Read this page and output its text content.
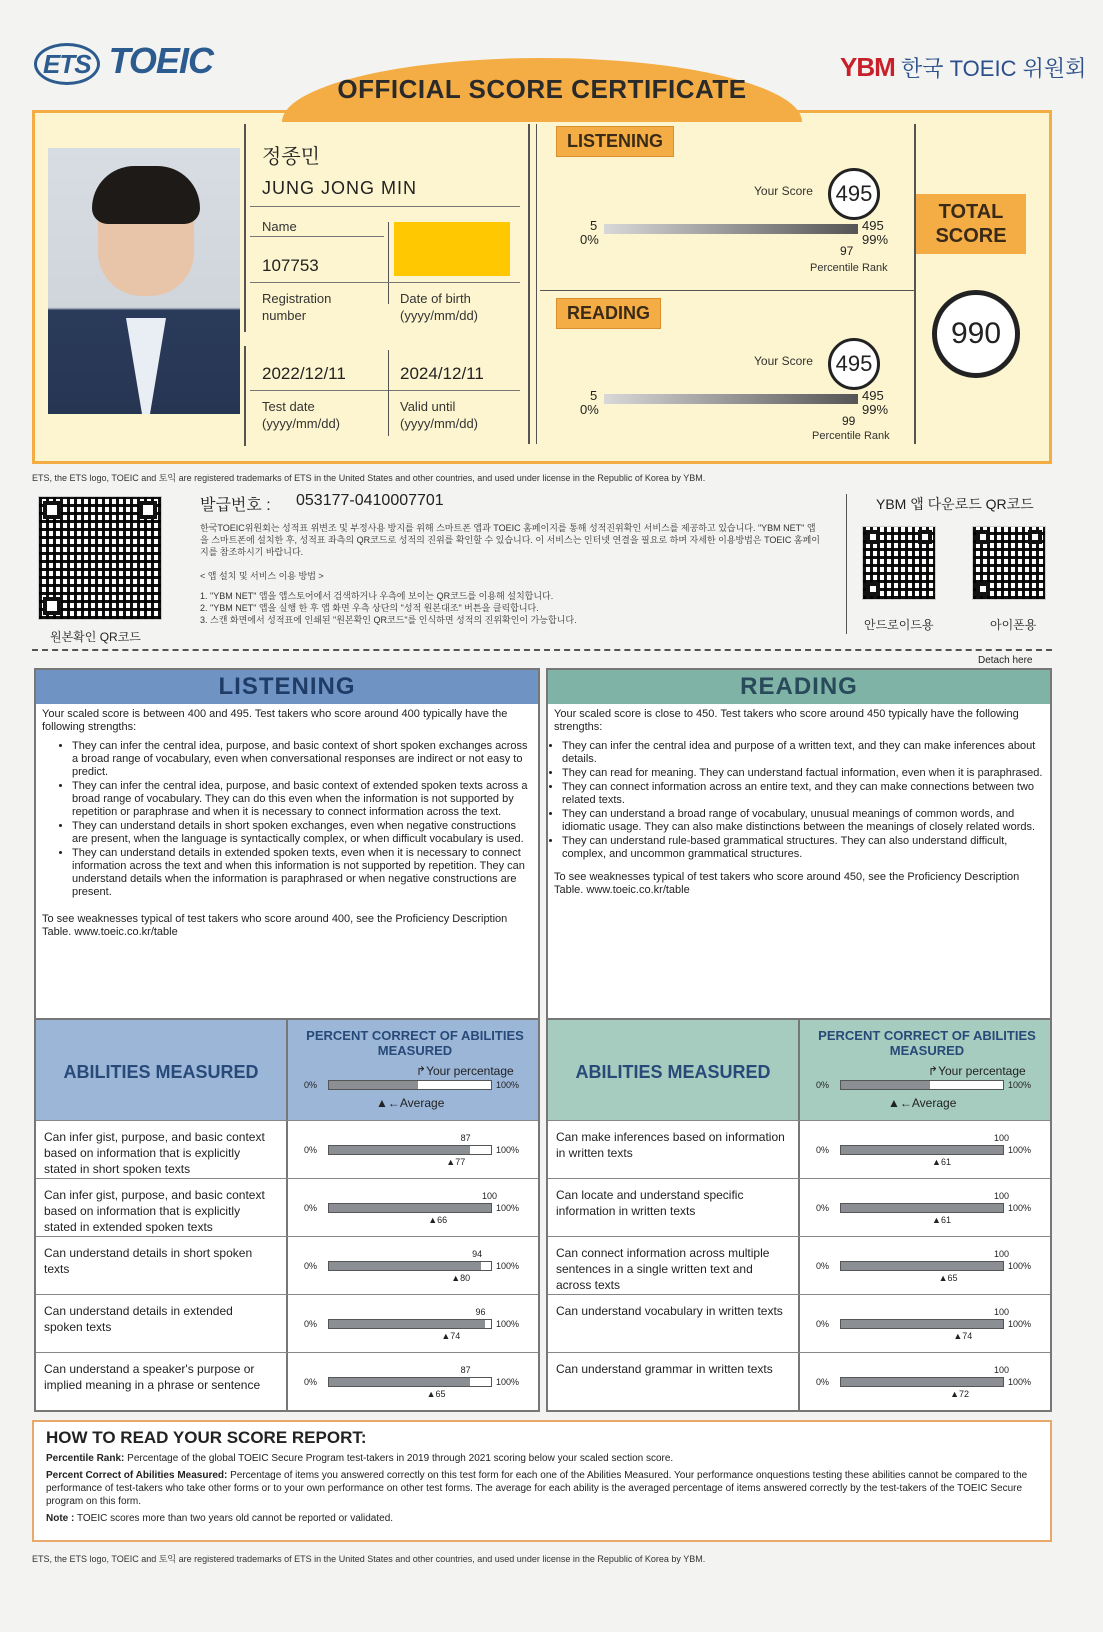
ETS TOEIC	YBM 한국 TOEIC 위원회
OFFICIAL SCORE CERTIFICATE
정종민
JUNG JONG MIN
Name
107753
Registration number
Date of birth (yyyy/mm/dd)
2022/12/11	2024/12/11
Test date (yyyy/mm/dd)
Valid until (yyyy/mm/dd)
LISTENING
Your Score	495
5
0%
495
99%
97
Percentile Rank
READING
Your Score	495
5
0%
495
99%
99
Percentile Rank
TOTAL SCORE
990
ETS, the ETS logo, TOEIC and 토익 are registered trademarks of ETS in the United States and other countries, and used under license in the Republic of Korea by YBM.
원본확인 QR코드
발급번호 : 053177-0410007701
한국TOEIC위원회는 성적표 위변조 및 부정사용 방지를 위해 스마트폰 앱과 TOEIC 홈페이지를 통해 성적진위확인 서비스를 제공하고 있습니다. "YBM NET" 앱을 스마트폰에 설치한 후, 성적표 좌측의 QR코드로 성적의 진위를 확인할 수 있습니다. 이 서비스는 인터넷 연결을 필요로 하며 자세한 이용방법은 TOEIC 홈페이지를 참조하시기 바랍니다.
< 앱 설치 및 서비스 이용 방법 >
1. "YBM NET" 앱을 앱스토어에서 검색하거나 우측에 보이는 QR코드를 이용해 설치합니다.
2. "YBM NET" 앱을 실행 한 후 앱 화면 우측 상단의 "성적 원본대조" 버튼을 클릭합니다.
3. 스캔 화면에서 성적표에 인쇄된 "원본확인 QR코드"를 인식하면 성적의 진위확인이 가능합니다.
YBM 앱 다운로드 QR코드
안드로이드용	아이폰용
Detach here
LISTENING
Your scaled score is between 400 and 495. Test takers who score around 400 typically have the following strengths:
• They can infer the central idea, purpose, and basic context of short spoken exchanges across a broad range of vocabulary, even when conversational responses are indirect or not easy to predict.
• They can infer the central idea, purpose, and basic context of extended spoken texts across a broad range of vocabulary. They can do this even when the information is not supported by repetition or paraphrase and when it is necessary to connect information across the text.
• They can understand details in short spoken exchanges, even when negative constructions are present, when the language is syntactically complex, or when difficult vocabulary is used.
• They can understand details in extended spoken texts, even when it is necessary to connect information across the text and when this information is not supported by repetition. They can understand details when the information is paraphrased or when negative constructions are present.
To see weaknesses typical of test takers who score around 400, see the Proficiency Description Table. www.toeic.co.kr/table
READING
Your scaled score is close to 450. Test takers who score around 450 typically have the following strengths:
• They can infer the central idea and purpose of a written text, and they can make inferences about details.
• They can read for meaning. They can understand factual information, even when it is paraphrased.
• They can connect information across an entire text, and they can make connections between two related texts.
• They can understand a broad range of vocabulary, unusual meanings of common words, and idiomatic usage. They can also make distinctions between the meanings of closely related words.
• They can understand rule-based grammatical structures. They can also understand difficult, complex, and uncommon grammatical structures.
To see weaknesses typical of test takers who score around 450, see the Proficiency Description Table. www.toeic.co.kr/table
ABILITIES MEASURED
PERCENT CORRECT OF ABILITIES MEASURED
↱Your percentage
0%	100%
▲←Average
Can infer gist, purpose, and basic context based on information that is explicitly stated in short spoken texts
0%
87
▲77
100%
Can infer gist, purpose, and basic context based on information that is explicitly stated in extended spoken texts
0%
100
▲66
100%
Can understand details in short spoken texts	0%
94
▲80
100%
Can understand details in extended spoken texts	0%
96
▲74
100%
Can understand a speaker's purpose or implied meaning in a phrase or sentence	0%
87
▲65
100%
ABILITIES MEASURED
PERCENT CORRECT OF ABILITIES MEASURED
↱Your percentage
0%	100%
▲←Average
Can make inferences based on information in written texts	0%
100
▲61
100%
Can locate and understand specific information in written texts	0%
100
▲61
100%
Can connect information across multiple sentences in a single written text and across texts
0%
100
▲65
100%
Can understand vocabulary in written texts
0%
100
▲74
100%
Can understand grammar in written texts
0%
100
▲72
100%
HOW TO READ YOUR SCORE REPORT:

Percentile Rank: Percentage of the global TOEIC Secure Program test-takers in 2019 through 2021 scoring below your scaled section score.

Percent Correct of Abilities Measured: Percentage of items you answered correctly on this test form for each one of the Abilities Measured. Your performance onquestions testing these abilities cannot be compared to the performance of test-takers who take other forms or to your own performance on other test forms. The average for each ability is the averaged percentage of items answered correctly by the test-takers of the TOEIC Secure program on this form.

Note : TOEIC scores more than two years old cannot be reported or validated.

ETS, the ETS logo, TOEIC and 토익 are registered trademarks of ETS in the United States and other countries, and used under license in the Republic of Korea by YBM.
